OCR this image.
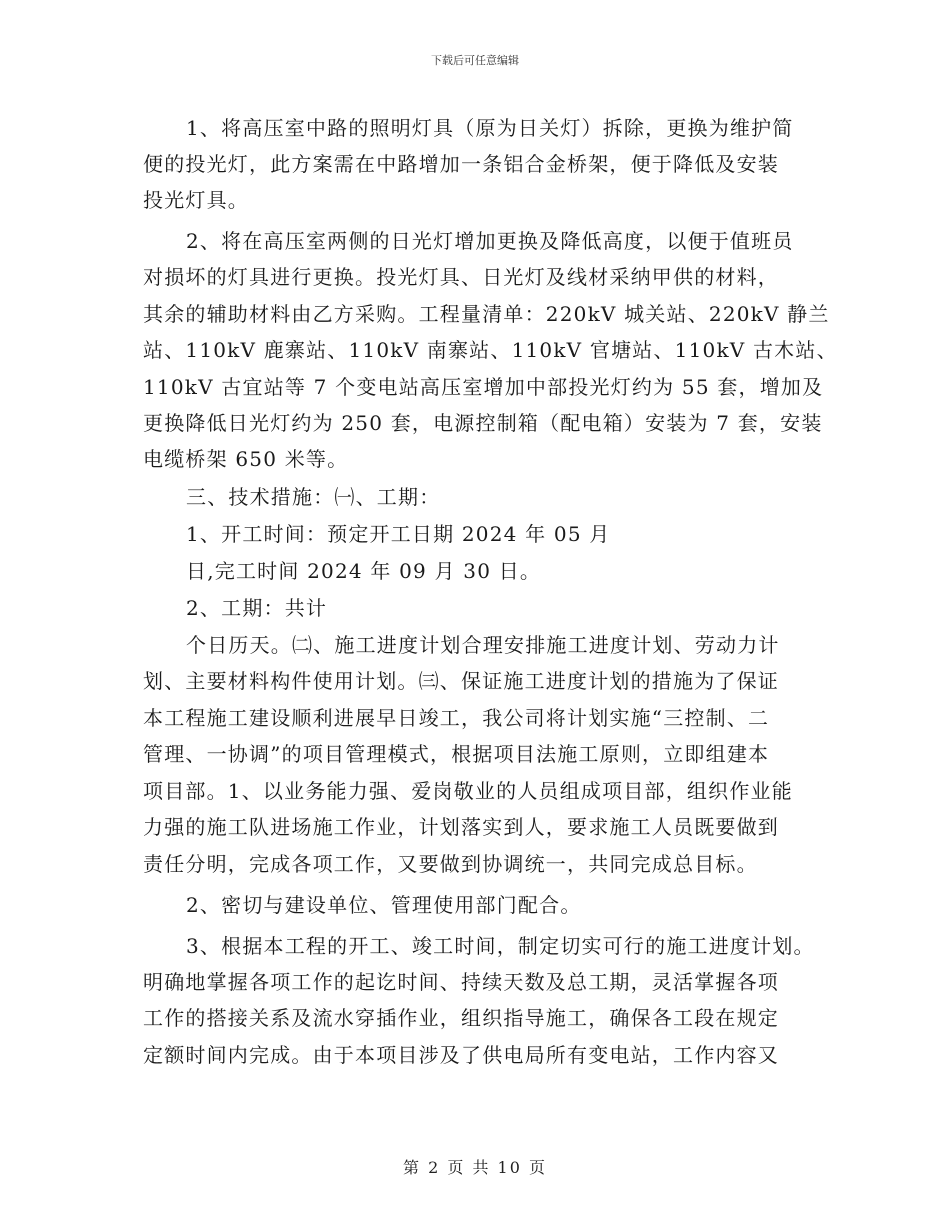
下载后可任意编辑
1、将高压室中路的照明灯具（原为日关灯）拆除，更换为维护简
便的投光灯，此方案需在中路增加一条铝合金桥架，便于降低及安装
投光灯具。
2、将在高压室两侧的日光灯增加更换及降低高度，以便于值班员
对损坏的灯具进行更换。投光灯具、日光灯及线材采纳甲供的材料，
其余的辅助材料由乙方采购。工程量清单：220kV 城关站、220kV 静兰
站、110kV 鹿寨站、110kV 南寨站、110kV 官塘站、110kV 古木站、
110kV 古宜站等 7 个变电站高压室增加中部投光灯约为 55 套，增加及
更换降低日光灯约为 250 套，电源控制箱（配电箱）安装为 7 套，安装
电缆桥架 650 米等。
三、技术措施：㈠、工期：
1、开工时间：预定开工日期 2024 年 05 月
日,完工时间 2024 年 09 月 30 日。
2、工期：共计
个日历天。㈡、施工进度计划合理安排施工进度计划、劳动力计
划、主要材料构件使用计划。㈢、保证施工进度计划的措施为了保证
本工程施工建设顺利进展早日竣工，我公司将计划实施“三控制、二
管理、一协调”的项目管理模式，根据项目法施工原则，立即组建本
项目部。1、以业务能力强、爱岗敬业的人员组成项目部，组织作业能
力强的施工队进场施工作业，计划落实到人，要求施工人员既要做到
责任分明，完成各项工作，又要做到协调统一，共同完成总目标。
2、密切与建设单位、管理使用部门配合。
3、根据本工程的开工、竣工时间，制定切实可行的施工进度计划。
明确地掌握各项工作的起讫时间、持续天数及总工期，灵活掌握各项
工作的搭接关系及流水穿插作业，组织指导施工，确保各工段在规定
定额时间内完成。由于本项目涉及了供电局所有变电站，工作内容又
第 2 页 共 10 页
